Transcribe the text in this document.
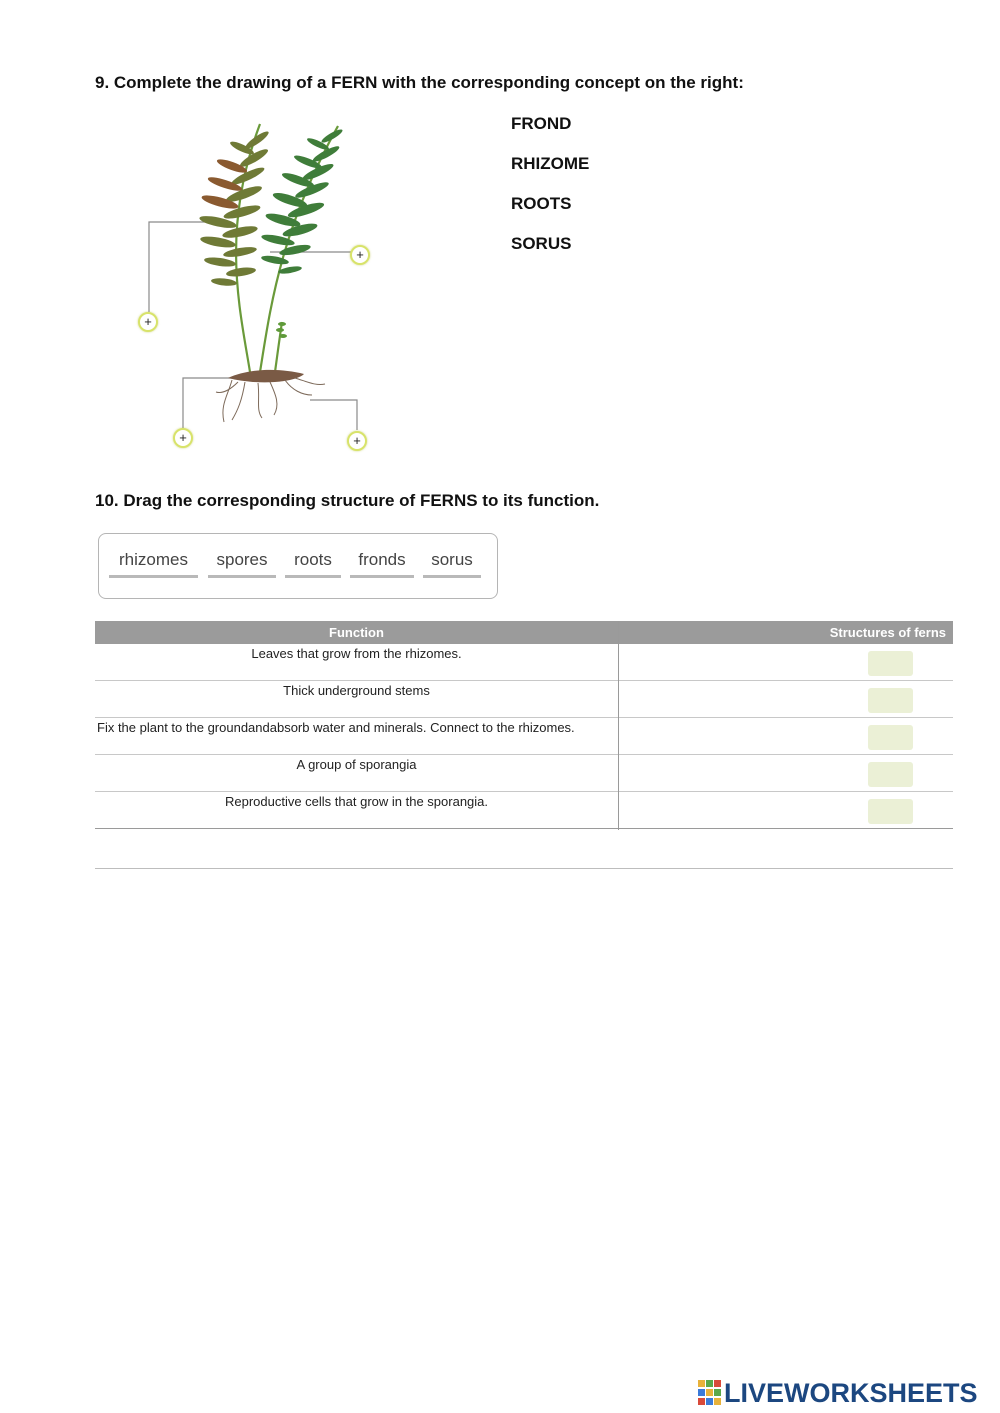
9. Complete the drawing of a FERN with the corresponding concept on the right:
FROND
RHIZOME
ROOTS
SORUS
+
+
+	+
10. Drag the corresponding structure of FERNS to its function.
rhizomes	spores	roots	fronds	sorus
Function	Structures of ferns
Leaves that grow from the rhizomes.
Thick underground stems
Fix the plant to the groundandabsorb water and minerals. Connect to the rhizomes.
A group of sporangia
Reproductive cells that grow in the sporangia.
LIVEWORKSHEETS
